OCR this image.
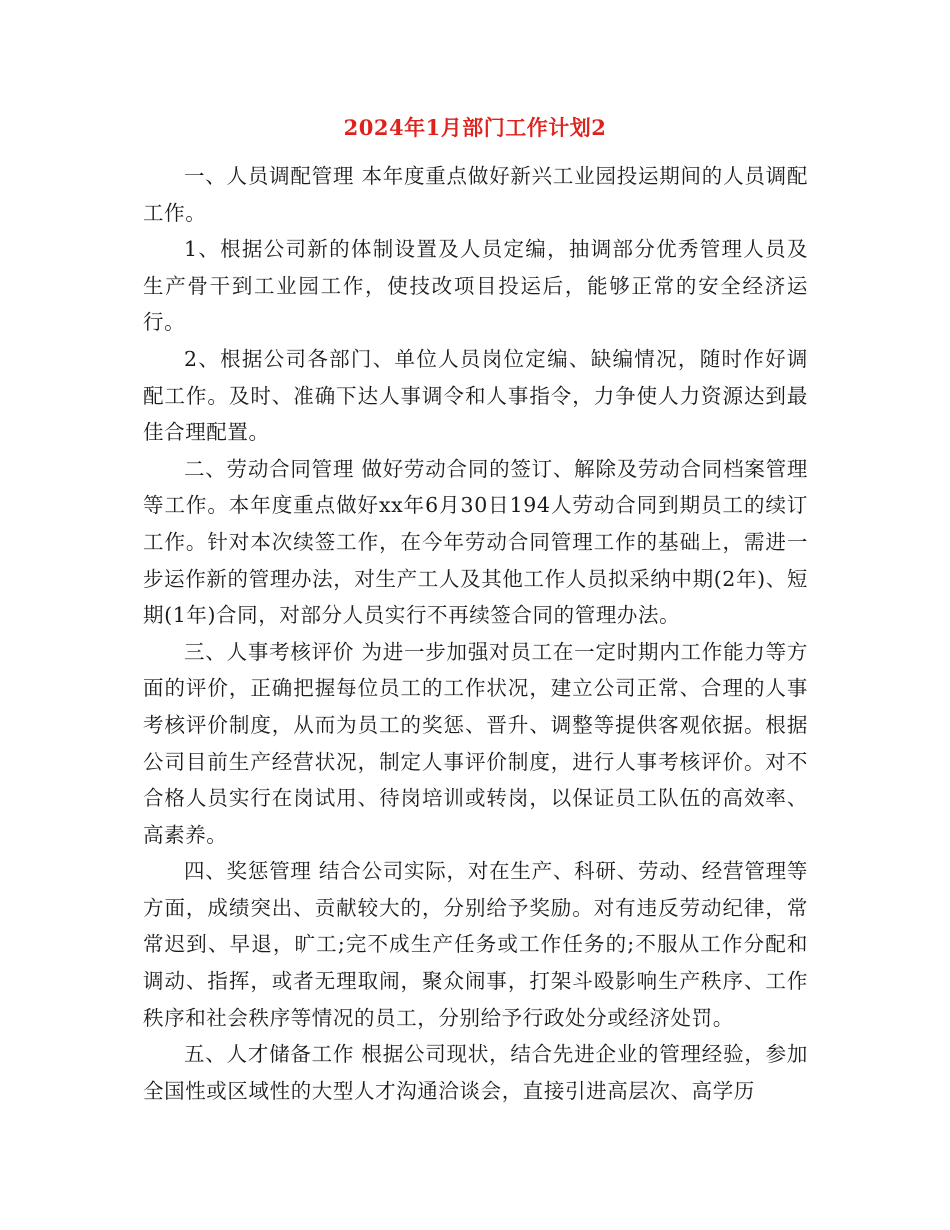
2024年1月部门工作计划2

一、人员调配管理 本年度重点做好新兴工业园投运期间的人员调配工作。

1、根据公司新的体制设置及人员定编，抽调部分优秀管理人员及生产骨干到工业园工作，使技改项目投运后，能够正常的安全经济运行。

2、根据公司各部门、单位人员岗位定编、缺编情况，随时作好调配工作。及时、准确下达人事调令和人事指令，力争使人力资源达到最佳合理配置。

二、劳动合同管理 做好劳动合同的签订、解除及劳动合同档案管理等工作。本年度重点做好xx年6月30日194人劳动合同到期员工的续订工作。针对本次续签工作，在今年劳动合同管理工作的基础上，需进一步运作新的管理办法，对生产工人及其他工作人员拟采纳中期(2年)、短期(1年)合同，对部分人员实行不再续签合同的管理办法。

三、人事考核评价 为进一步加强对员工在一定时期内工作能力等方面的评价，正确把握每位员工的工作状况，建立公司正常、合理的人事考核评价制度，从而为员工的奖惩、晋升、调整等提供客观依据。根据公司目前生产经营状况，制定人事评价制度，进行人事考核评价。对不合格人员实行在岗试用、待岗培训或转岗，以保证员工队伍的高效率、高素养。

四、奖惩管理 结合公司实际，对在生产、科研、劳动、经营管理等方面，成绩突出、贡献较大的，分别给予奖励。对有违反劳动纪律，常常迟到、早退，旷工;完不成生产任务或工作任务的;不服从工作分配和调动、指挥，或者无理取闹，聚众闹事，打架斗殴影响生产秩序、工作秩序和社会秩序等情况的员工，分别给予行政处分或经济处罚。

五、人才储备工作 根据公司现状，结合先进企业的管理经验，参加全国性或区域性的大型人才沟通洽谈会，直接引进高层次、高学历
